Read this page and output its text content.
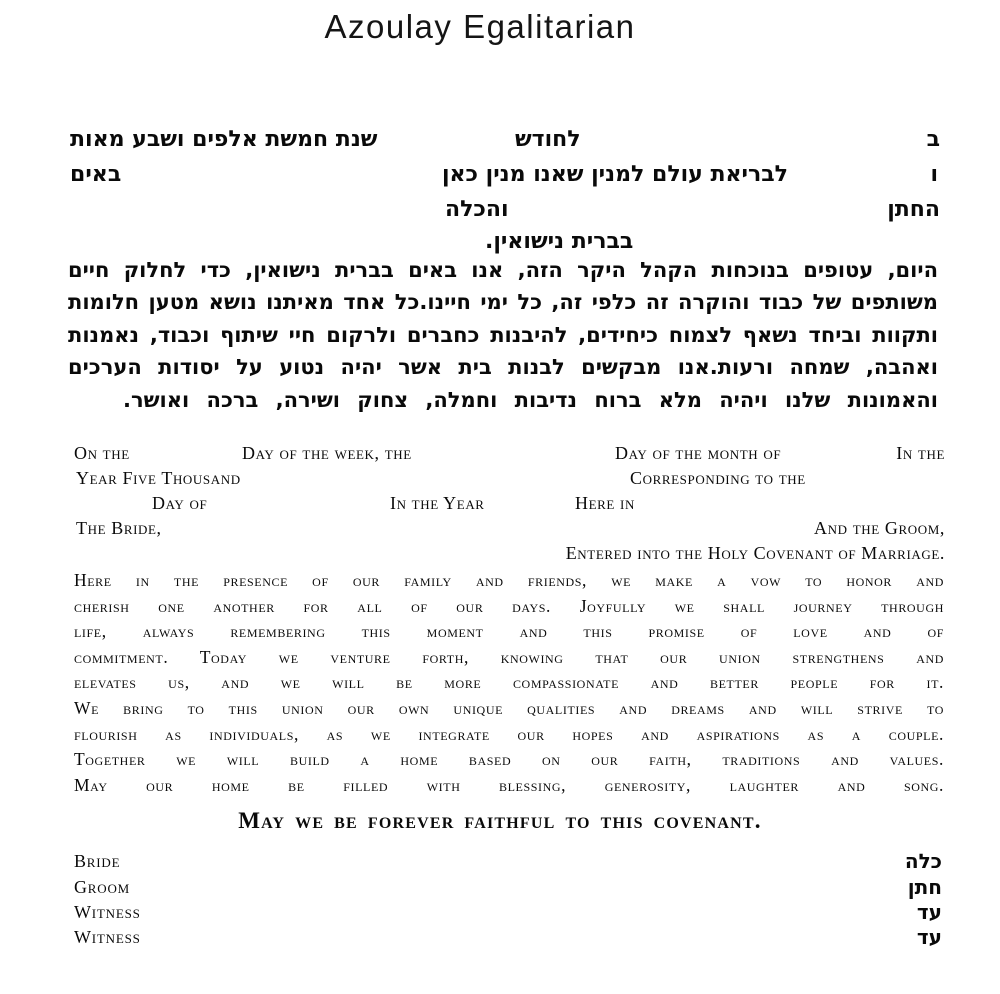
Azoulay Egalitarian
ב
לחודש
שנת חמשת אלפים ושבע מאות
ו
לבריאת עולם למנין שאנו מנין כאן
באים
החתן
והכלה
בברית נישואין.
היום, עטופים בנוכחות הקהל היקר הזה, אנו באים בברית נישואין, כדי לחלוק חיים
משותפים של כבוד והוקרה זה כלפי זה, כל ימי חיינו.כל אחד מאיתנו נושא מטען חלומות
ותקוות וביחד נשאף לצמוח כיחידים, להיבנות כחברים ולרקום חיי שיתוף וכבוד, נאמנות
ואהבה, שמחה ורעות.אנו מבקשים לבנות בית אשר יהיה נטוע על יסודות הערכים
והאמונות שלנו ויהיה מלא ברוח נדיבות וחמלה, צחוק ושירה, ברכה ואושר.
On the	Day of the week, the	Day of the month of	In the
Year Five Thousand	Corresponding to the
Day of	In the Year	Here in
The Bride,	And the Groom,
Entered into the Holy Covenant of Marriage.
Here in the presence of our family and friends, we make a vow to honor and
cherish one another for all of our days. Joyfully we shall journey through
life, always remembering this moment and this promise of love and of
commitment. Today we venture forth, knowing that our union strengthens and
elevates us, and we will be more compassionate and better people for it.
We bring to this union our own unique qualities and dreams and will strive to
flourish as individuals, as we integrate our hopes and aspirations as a couple.
Together we will build a home based on our faith, traditions and values.
May our home be filled with blessing, generosity, laughter and song.
May we be forever faithful to this covenant.
Bride	כלה
Groom	חתן
Witness	עד
Witness	עד
